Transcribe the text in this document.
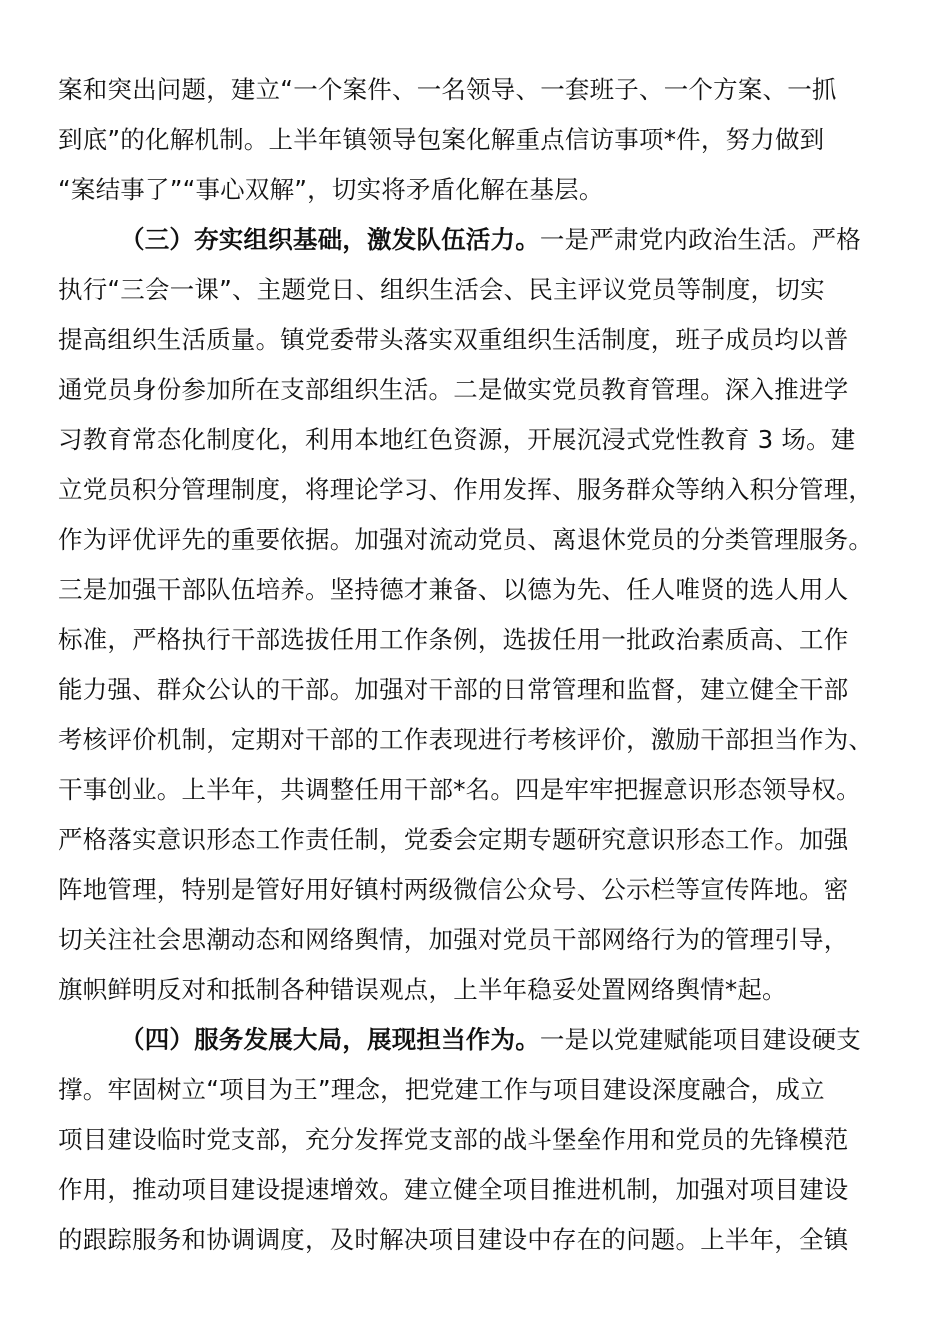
案和突出问题，建立“一个案件、一名领导、一套班子、一个方案、一抓
到底”的化解机制。上半年镇领导包案化解重点信访事项*件，努力做到
“案结事了”“事心双解”，切实将矛盾化解在基层。
（三）夯实组织基础，激发队伍活力。一是严肃党内政治生活。严格
执行“三会一课”、主题党日、组织生活会、民主评议党员等制度，切实
提高组织生活质量。镇党委带头落实双重组织生活制度，班子成员均以普
通党员身份参加所在支部组织生活。二是做实党员教育管理。深入推进学
习教育常态化制度化，利用本地红色资源，开展沉浸式党性教育 3 场。建
立党员积分管理制度，将理论学习、作用发挥、服务群众等纳入积分管理，
作为评优评先的重要依据。加强对流动党员、离退休党员的分类管理服务。
三是加强干部队伍培养。坚持德才兼备、以德为先、任人唯贤的选人用人
标准，严格执行干部选拔任用工作条例，选拔任用一批政治素质高、工作
能力强、群众公认的干部。加强对干部的日常管理和监督，建立健全干部
考核评价机制，定期对干部的工作表现进行考核评价，激励干部担当作为、
干事创业。上半年，共调整任用干部*名。四是牢牢把握意识形态领导权。
严格落实意识形态工作责任制，党委会定期专题研究意识形态工作。加强
阵地管理，特别是管好用好镇村两级微信公众号、公示栏等宣传阵地。密
切关注社会思潮动态和网络舆情，加强对党员干部网络行为的管理引导，
旗帜鲜明反对和抵制各种错误观点，上半年稳妥处置网络舆情*起。
（四）服务发展大局，展现担当作为。一是以党建赋能项目建设硬支
撑。牢固树立“项目为王”理念，把党建工作与项目建设深度融合，成立
项目建设临时党支部，充分发挥党支部的战斗堡垒作用和党员的先锋模范
作用，推动项目建设提速增效。建立健全项目推进机制，加强对项目建设
的跟踪服务和协调调度，及时解决项目建设中存在的问题。上半年，全镇
